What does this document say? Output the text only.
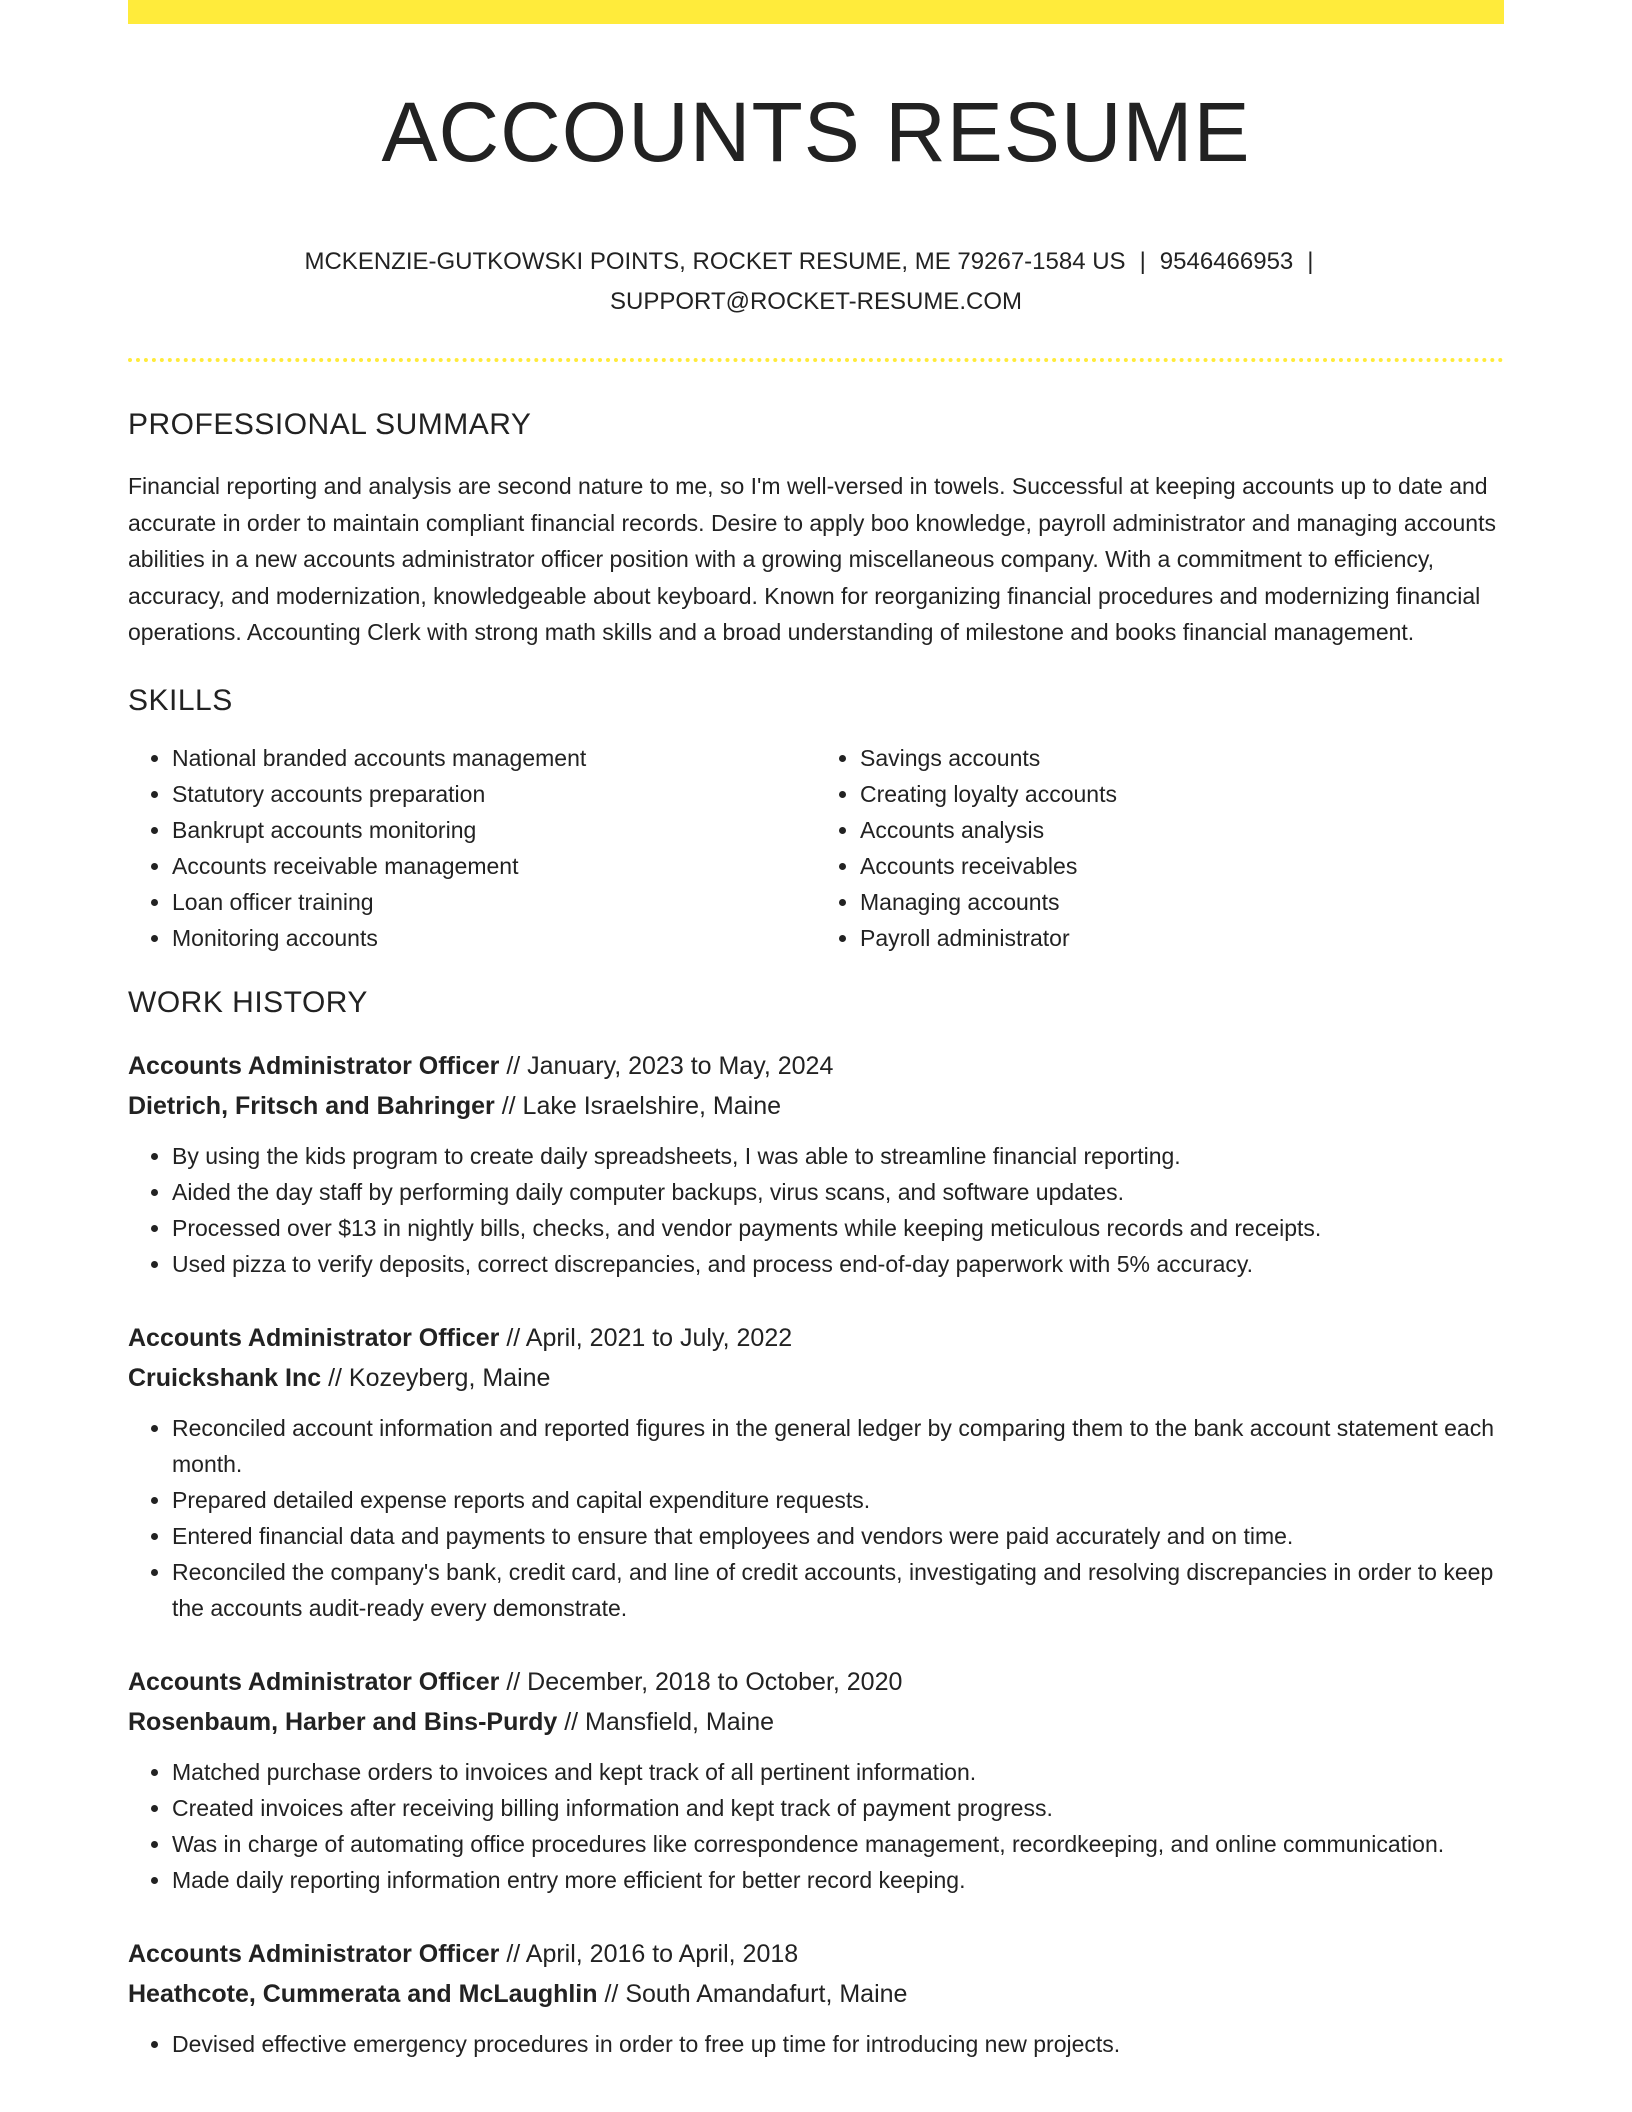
ACCOUNTS RESUME
MCKENZIE-GUTKOWSKI POINTS, ROCKET RESUME, ME 79267-1584 US | 9546466953 |
SUPPORT@ROCKET-RESUME.COM
PROFESSIONAL SUMMARY

Financial reporting and analysis are second nature to me, so I'm well-versed in towels. Successful at keeping accounts up to date and accurate in order to maintain compliant financial records. Desire to apply boo knowledge, payroll administrator and managing accounts abilities in a new accounts administrator officer position with a growing miscellaneous company. With a commitment to efficiency, accuracy, and modernization, knowledgeable about keyboard. Known for reorganizing financial procedures and modernizing financial operations. Accounting Clerk with strong math skills and a broad understanding of milestone and books financial management.

SKILLS
• National branded accounts management
• Statutory accounts preparation
• Bankrupt accounts monitoring
• Accounts receivable management
• Loan officer training
• Monitoring accounts
• Savings accounts
• Creating loyalty accounts
• Accounts analysis
• Accounts receivables
• Managing accounts
• Payroll administrator
WORK HISTORY
Accounts Administrator Officer // January, 2023 to May, 2024
Dietrich, Fritsch and Bahringer // Lake Israelshire, Maine
• By using the kids program to create daily spreadsheets, I was able to streamline financial reporting.
• Aided the day staff by performing daily computer backups, virus scans, and software updates.
• Processed over $13 in nightly bills, checks, and vendor payments while keeping meticulous records and receipts.
• Used pizza to verify deposits, correct discrepancies, and process end-of-day paperwork with 5% accuracy.
Accounts Administrator Officer // April, 2021 to July, 2022
Cruickshank Inc // Kozeyberg, Maine
• Reconciled account information and reported figures in the general ledger by comparing them to the bank account statement each month.
• Prepared detailed expense reports and capital expenditure requests.
• Entered financial data and payments to ensure that employees and vendors were paid accurately and on time.
• Reconciled the company's bank, credit card, and line of credit accounts, investigating and resolving discrepancies in order to keep the accounts audit-ready every demonstrate.
Accounts Administrator Officer // December, 2018 to October, 2020
Rosenbaum, Harber and Bins-Purdy // Mansfield, Maine
• Matched purchase orders to invoices and kept track of all pertinent information.
• Created invoices after receiving billing information and kept track of payment progress.
• Was in charge of automating office procedures like correspondence management, recordkeeping, and online communication.
• Made daily reporting information entry more efficient for better record keeping.
Accounts Administrator Officer // April, 2016 to April, 2018
Heathcote, Cummerata and McLaughlin // South Amandafurt, Maine
• Devised effective emergency procedures in order to free up time for introducing new projects.
